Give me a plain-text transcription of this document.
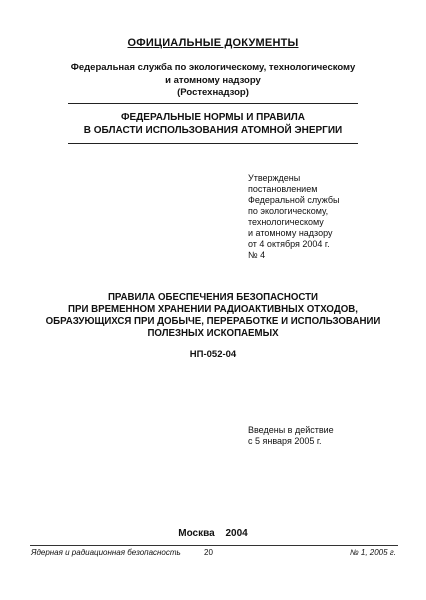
ОФИЦИАЛЬНЫЕ ДОКУМЕНТЫ
Федеральная служба по экологическому, технологическому
и атомному надзору
(Ростехнадзор)
ФЕДЕРАЛЬНЫЕ НОРМЫ И ПРАВИЛА
В ОБЛАСТИ ИСПОЛЬЗОВАНИЯ АТОМНОЙ ЭНЕРГИИ
Утверждены
постановлением
Федеральной службы
по экологическому,
технологическому
и атомному надзору
от 4 октября 2004 г.
№ 4
ПРАВИЛА ОБЕСПЕЧЕНИЯ БЕЗОПАСНОСТИ
ПРИ ВРЕМЕННОМ ХРАНЕНИИ РАДИОАКТИВНЫХ ОТХОДОВ,
ОБРАЗУЮЩИХСЯ ПРИ ДОБЫЧЕ, ПЕРЕРАБОТКЕ И ИСПОЛЬЗОВАНИИ
ПОЛЕЗНЫХ ИСКОПАЕМЫХ
НП-052-04
Введены в действие
с 5 января 2005 г.
Москва 2004
Ядерная и радиационная безопасность	20	№ 1, 2005 г.
